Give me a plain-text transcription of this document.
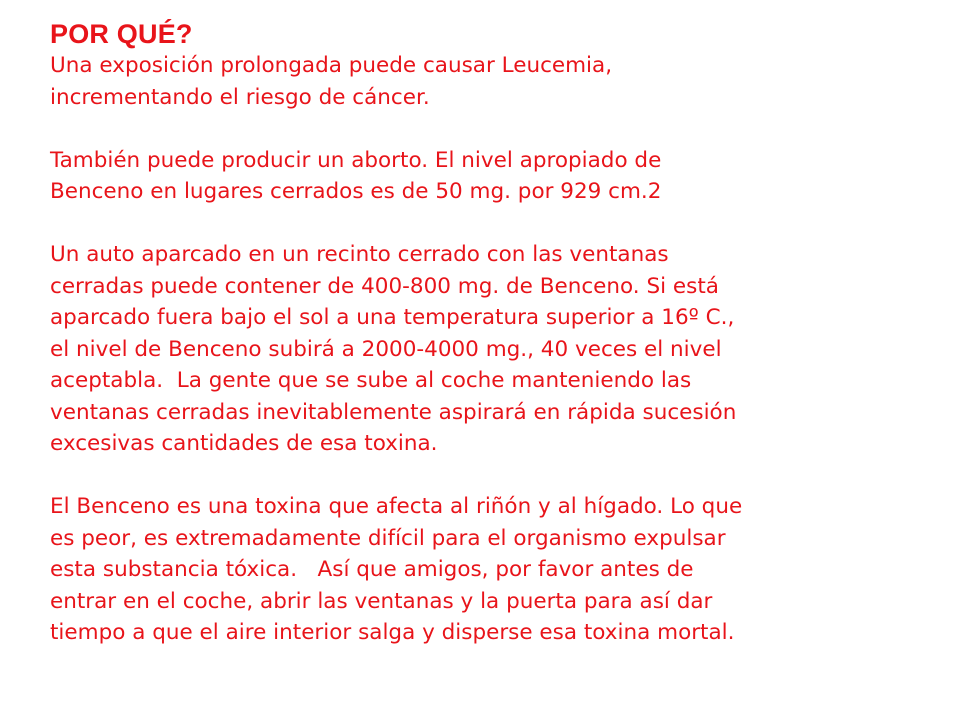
POR QUÉ?

Una exposición prolongada puede causar Leucemia,
incrementando el riesgo de cáncer.

También puede producir un aborto. El nivel apropiado de
Benceno en lugares cerrados es de 50 mg. por 929 cm.2

Un auto aparcado en un recinto cerrado con las ventanas
cerradas puede contener de 400-800 mg. de Benceno. Si está
aparcado fuera bajo el sol a una temperatura superior a 16º C.,
el nivel de Benceno subirá a 2000-4000 mg., 40 veces el nivel
aceptabla.  La gente que se sube al coche manteniendo las
ventanas cerradas inevitablemente aspirará en rápida sucesión
excesivas cantidades de esa toxina.

El Benceno es una toxina que afecta al riñón y al hígado. Lo que
es peor, es extremadamente difícil para el organismo expulsar
esta substancia tóxica.   Así que amigos, por favor antes de
entrar en el coche, abrir las ventanas y la puerta para así dar
tiempo a que el aire interior salga y disperse esa toxina mortal.
